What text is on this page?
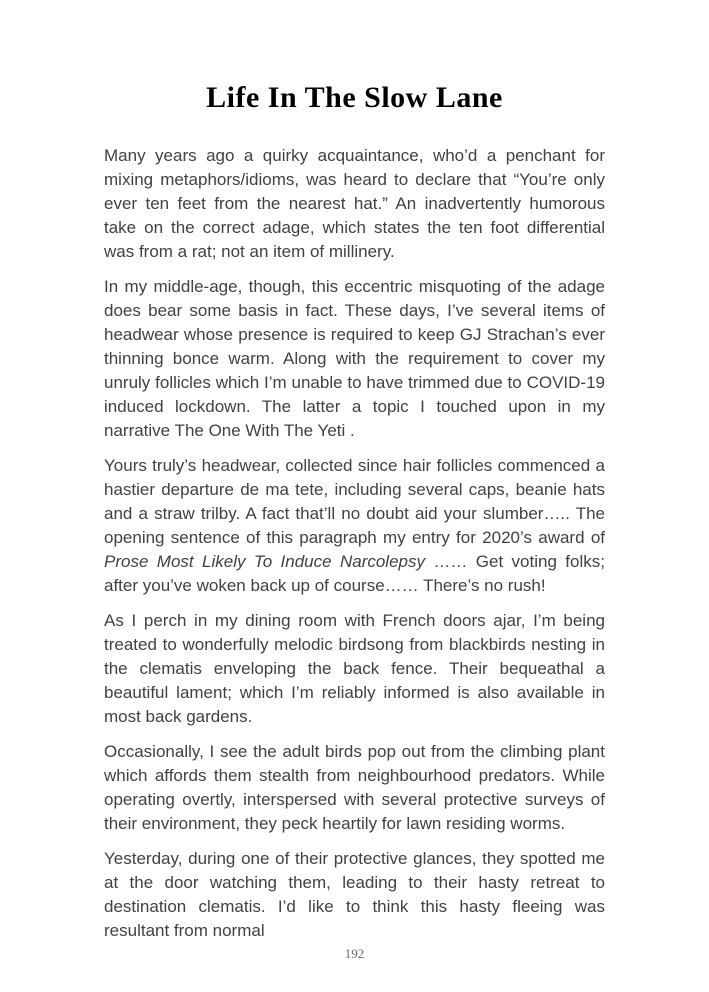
Life In The Slow Lane

Many years ago a quirky acquaintance, who’d a penchant for mixing metaphors/idioms, was heard to declare that “You’re only ever ten feet from the nearest hat.” An inadvertently humorous take on the correct adage, which states the ten foot differential was from a rat; not an item of millinery.

In my middle-age, though, this eccentric misquoting of the adage does bear some basis in fact. These days, I’ve several items of headwear whose presence is required to keep GJ Strachan’s ever thinning bonce warm. Along with the requirement to cover my unruly follicles which I’m unable to have trimmed due to COVID-19 induced lockdown. The latter a topic I touched upon in my narrative The One With The Yeti .

Yours truly’s headwear, collected since hair follicles commenced a hastier departure de ma tete, including several caps, beanie hats and a straw trilby. A fact that’ll no doubt aid your slumber….. The opening sentence of this paragraph my entry for 2020’s award of Prose Most Likely To Induce Narcolepsy …… Get voting folks; after you’ve woken back up of course…… There’s no rush!

As I perch in my dining room with French doors ajar, I’m being treated to wonderfully melodic birdsong from blackbirds nesting in the clematis enveloping the back fence. Their bequeathal a beautiful lament; which I’m reliably informed is also available in most back gardens.

Occasionally, I see the adult birds pop out from the climbing plant which affords them stealth from neighbourhood predators. While operating overtly, interspersed with several protective surveys of their environment, they peck heartily for lawn residing worms.

Yesterday, during one of their protective glances, they spotted me at the door watching them, leading to their hasty retreat to destination clematis. I’d like to think this hasty fleeing was resultant from normal

192
